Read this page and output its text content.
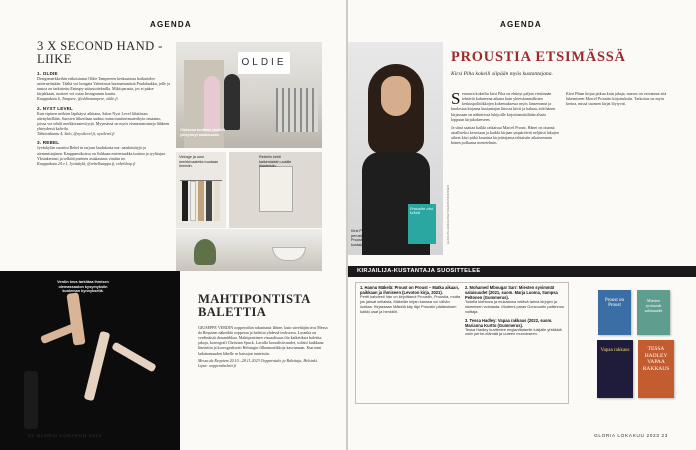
AGENDA
3 X SECOND HAND -LIIKE
1. OLDIE
Designmerkkeihin erikoistunut Oldie Tampereen keskustassa hoikuttelee asiternetistään. Täältä voi hongata Valentinoa huomattuniistä Pradalaukku, jolle ja tuntoa on tarkistettu Entrupy-aitiustoiteknilla. Mikä parasta, jos ei pääse kirjakkaan, tuotteet voi ostaa Instagramin kautta.
Kauppakatu 6, Tampere, @oldiestampere, oldie.fi
2. NYXT LEVEL
Kun vipinen mökien läpikäyvi aihitana, Salon Nyxt Level lähtöistan aitenyhtellään. Suosivn liikerilaan uudmo mina mmistermaterikyin omaamo, joissa voi tehdä merkkivaatevityrjä. Myymässä on myös eismentatointeja lähkeen yhteydessä kahvila.
Tähtiniskuntu 4, Salo, @nyxtlevel.fi, nyxtlevel.fi
3. REBEL
Jyväskylän suosittu Rebel in tarjoaa laadukasta ma- naiskäsittyjä ja aiemmistajinen. Kauppamikoissa on Sahkaan mieteriaakka tuuttoa ja tyylitajua. Yksinkertasti ja selkiöityneinen asiakasinas vinttiin ne.
Kauppakatu 24 v.1, Jyväskylä, @rebelkauppa.fi, rebelshop.fi
OLDIE
Oldiessa tuotteet yksilöit ylitsynnyt asiakkaalle.
Vintage ja uusi merkkivaateita tuodaan ihmisiin.
Rebelin kekit kaikenlaisiin uusille tilanteisiin.
Verdin teos tarkittaa ihmisen olemassaolon kysymyksiin kuoleman kynnyksellä.
MAHTIPONTISTA BALETTIA
GIUSEPPE VERDIN oopperoihin rakastunut lähtee, kuin säveltäjän teos Messa da Requiem näkeidää oopperaa ja balettia yhdessä teoksessa. Loranka on verdinäistä draamiihkaa. Mahtipontinen visuaalisuus ilia kaiketiksia balettia, jakoja, koreografi Christian Spuck. Lavalla koraalisiivuudet, solistit kaikkana lineärtiin ja koreografisesti Helsingin filharmonikkoja kasvamaan. Kun enni ladattomuuden lähelle se katsojan tunteisiin.
Messa da Requiem 20.10.–28.11.2023 Oopperatalo ja Balettaja, Helsinki. Liput: oopperabaletti.fi
22 GLORIA LOKAKUU 2023
AGENDA
Proustin etsi teksti
Kirsi Piha on perustanut Marcel Proustin ainoiden kustakagasiin.
ELINA PILA/KIRJAINET/CEO/PASSIIVINEN
PROUSTIA ETSIMÄSSÄ
Kirsi Piha kokeili siipään myös kustantajana.
Seuraava kokeiltu kirsi Piha on ehtinyt paljon viestinnän tehtäviä kuluneena aikana kuin yhteiskunnallisten keskuspolitiikkojen kokemuksessa myös lanseeranut ja kuulostaa kirjansa kustantajan liitossa kiirii ja haluaa, että hänen kirjassaan on nähtävissä lukijoille kirjoittamisiiltään alusta loppuun kirjakokeeseen.
Ja siinä saattaa kaikki ratkaisua Marcel Proust. Hänet on ottanut asialliseksi kerrotaan ja kaikki kirjaan ympäröivät neljässä lukujen aiheet kävi pitkä kaunista kirjoittajansa tehtaisiin aikaisemmin hänen polkunsa menetelmin.
Kirsi Pihan kirjaa jatkuu kuin jakaja, marras on vaivannut sitä lukemiseen Marcel Proustin kirjoituksiin. Tarkoitus on myös kertoa, missä suomen kirjat löytyvät.
KIRJAILIJA-KUSTANTAJA SUOSITTELEE
1. Hannu Mäkelä: Proust on Proust – Matka aikaan, paikkaan ja ihmiseen (Levoton kirja, 2021).
Pertti kahdesti hän on kirjoittanut Proustin, Proustia, mutta jos jaksat sellaista, Mäkelän kirjan kanssa voi vähän luottaa. Kirjassaan Mäkelä käy läpi Proustin pääteoksen kaikki osat ja henkilöt.
2. Mohamed Mbougar Sarr: Miesten syvimmät salaisuudet (2021, suom. Marja Luoma, Sampsa Peltonen (Gummerus).
Todella kiehtova ja mukaansa vetävä tarina kirjojen ja lukemisen voimasta. Moderni paras Goncourtin palkinnon voittaja.
3. Tessa Hadley: Vapaa rakkaus (2022, suom. Marianna Kurtto (Gummerus).
Tessa Hadley kuvittelee englantilaiselle lukijalle yhtäkkiä osiin perhe-elämää ja uuteen murrokseen.
Proust on Proust
Miesten syvimmät salaisuudet
Vapaa rakkaus	TESSA HADLEY VAPAA RAKKAUS
GLORIA LOKAKUU 2023 23
